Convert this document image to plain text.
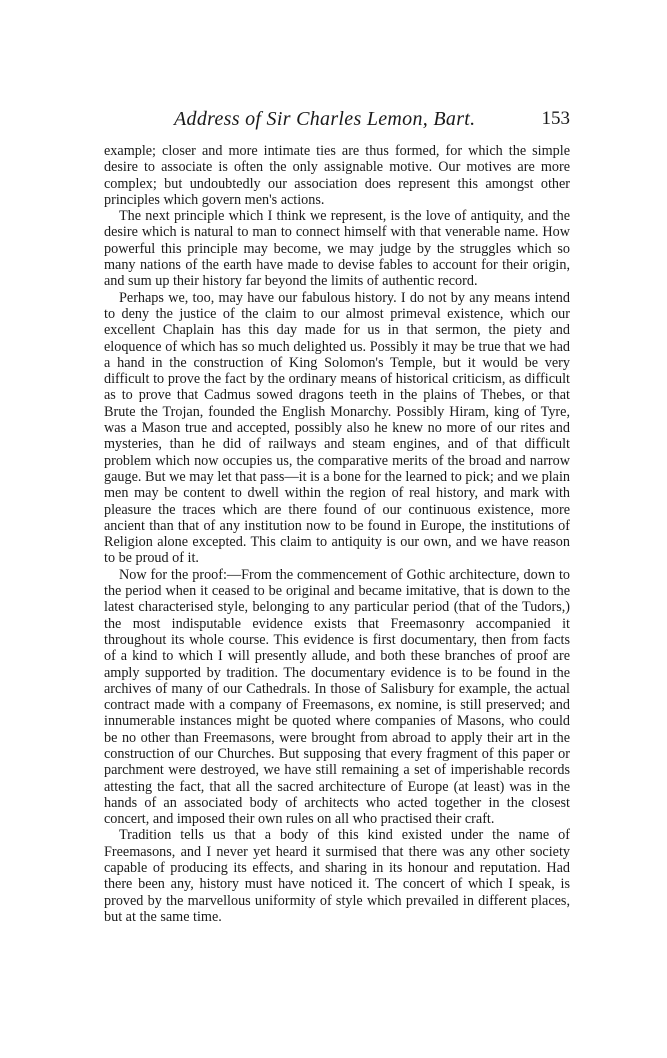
Address of Sir Charles Lemon, Bart.	153

example; closer and more intimate ties are thus formed, for which the simple desire to associate is often the only assignable motive. Our motives are more complex; but undoubtedly our association does represent this amongst other principles which govern men's actions.

The next principle which I think we represent, is the love of antiquity, and the desire which is natural to man to connect himself with that venerable name. How powerful this principle may become, we may judge by the struggles which so many nations of the earth have made to devise fables to account for their origin, and sum up their history far beyond the limits of authentic record.

Perhaps we, too, may have our fabulous history. I do not by any means intend to deny the justice of the claim to our almost primeval existence, which our excellent Chaplain has this day made for us in that sermon, the piety and eloquence of which has so much delighted us. Possibly it may be true that we had a hand in the construction of King Solomon's Temple, but it would be very difficult to prove the fact by the ordinary means of historical criticism, as difficult as to prove that Cadmus sowed dragons teeth in the plains of Thebes, or that Brute the Trojan, founded the English Monarchy. Possibly Hiram, king of Tyre, was a Mason true and accepted, possibly also he knew no more of our rites and mysteries, than he did of railways and steam engines, and of that difficult problem which now occupies us, the comparative merits of the broad and narrow gauge. But we may let that pass—it is a bone for the learned to pick; and we plain men may be content to dwell within the region of real history, and mark with pleasure the traces which are there found of our continuous existence, more ancient than that of any institution now to be found in Europe, the institutions of Religion alone excepted. This claim to antiquity is our own, and we have reason to be proud of it.

Now for the proof:—From the commencement of Gothic architecture, down to the period when it ceased to be original and became imitative, that is down to the latest characterised style, belonging to any particular period (that of the Tudors,) the most indisputable evidence exists that Freemasonry accompanied it throughout its whole course. This evidence is first documentary, then from facts of a kind to which I will presently allude, and both these branches of proof are amply supported by tradition. The documentary evidence is to be found in the archives of many of our Cathedrals. In those of Salisbury for example, the actual contract made with a company of Freemasons, ex nomine, is still preserved; and innumerable instances might be quoted where companies of Masons, who could be no other than Freemasons, were brought from abroad to apply their art in the construction of our Churches. But supposing that every fragment of this paper or parchment were destroyed, we have still remaining a set of imperishable records attesting the fact, that all the sacred architecture of Europe (at least) was in the hands of an associated body of architects who acted together in the closest concert, and imposed their own rules on all who practised their craft.

Tradition tells us that a body of this kind existed under the name of Freemasons, and I never yet heard it surmised that there was any other society capable of producing its effects, and sharing in its honour and reputation. Had there been any, history must have noticed it. The concert of which I speak, is proved by the marvellous uniformity of style which prevailed in different places, but at the same time.
